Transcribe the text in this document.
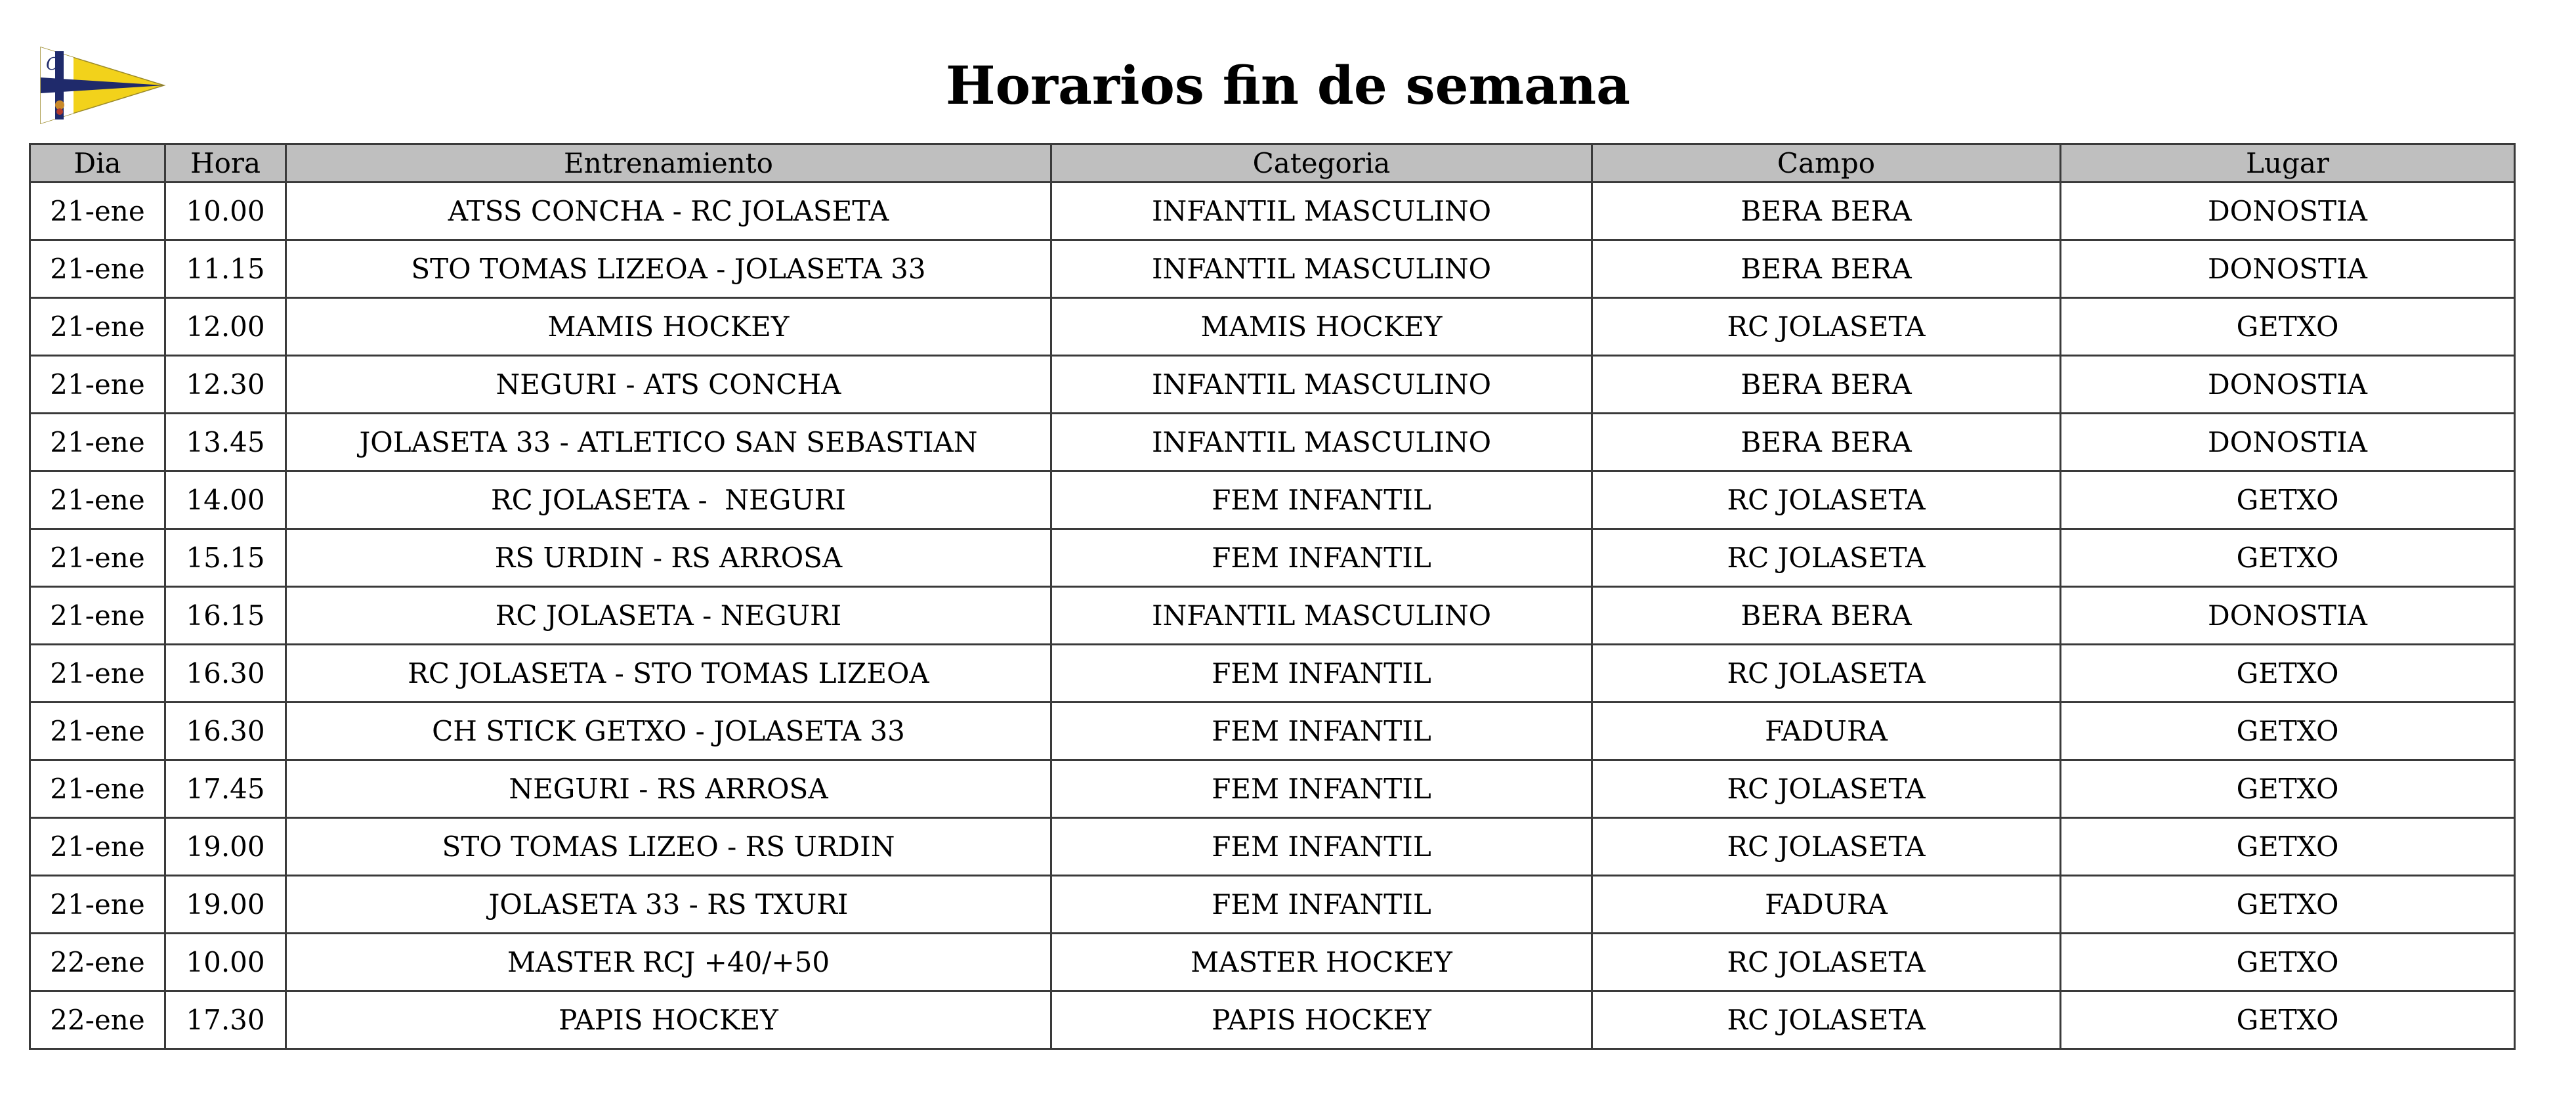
C	Horarios fin de semana
Dia	Hora	Entrenamiento	Categoria	Campo	Lugar
21-ene	10.00	ATSS CONCHA - RC JOLASETA	INFANTIL MASCULINO	BERA BERA	DONOSTIA
21-ene	11.15	STO TOMAS LIZEOA - JOLASETA 33	INFANTIL MASCULINO	BERA BERA	DONOSTIA
21-ene	12.00	MAMIS HOCKEY	MAMIS HOCKEY	RC JOLASETA	GETXO
21-ene	12.30	NEGURI - ATS CONCHA	INFANTIL MASCULINO	BERA BERA	DONOSTIA
21-ene	13.45	JOLASETA 33 - ATLETICO SAN SEBASTIAN	INFANTIL MASCULINO	BERA BERA	DONOSTIA
21-ene	14.00	RC JOLASETA -  NEGURI	FEM INFANTIL	RC JOLASETA	GETXO
21-ene	15.15	RS URDIN - RS ARROSA	FEM INFANTIL	RC JOLASETA	GETXO
21-ene	16.15	RC JOLASETA - NEGURI	INFANTIL MASCULINO	BERA BERA	DONOSTIA
21-ene	16.30	RC JOLASETA - STO TOMAS LIZEOA	FEM INFANTIL	RC JOLASETA	GETXO
21-ene	16.30	CH STICK GETXO - JOLASETA 33	FEM INFANTIL	FADURA	GETXO
21-ene	17.45	NEGURI - RS ARROSA	FEM INFANTIL	RC JOLASETA	GETXO
21-ene	19.00	STO TOMAS LIZEO - RS URDIN	FEM INFANTIL	RC JOLASETA	GETXO
21-ene	19.00	JOLASETA 33 - RS TXURI	FEM INFANTIL	FADURA	GETXO
22-ene	10.00	MASTER RCJ +40/+50	MASTER HOCKEY	RC JOLASETA	GETXO
22-ene	17.30	PAPIS HOCKEY	PAPIS HOCKEY	RC JOLASETA	GETXO
